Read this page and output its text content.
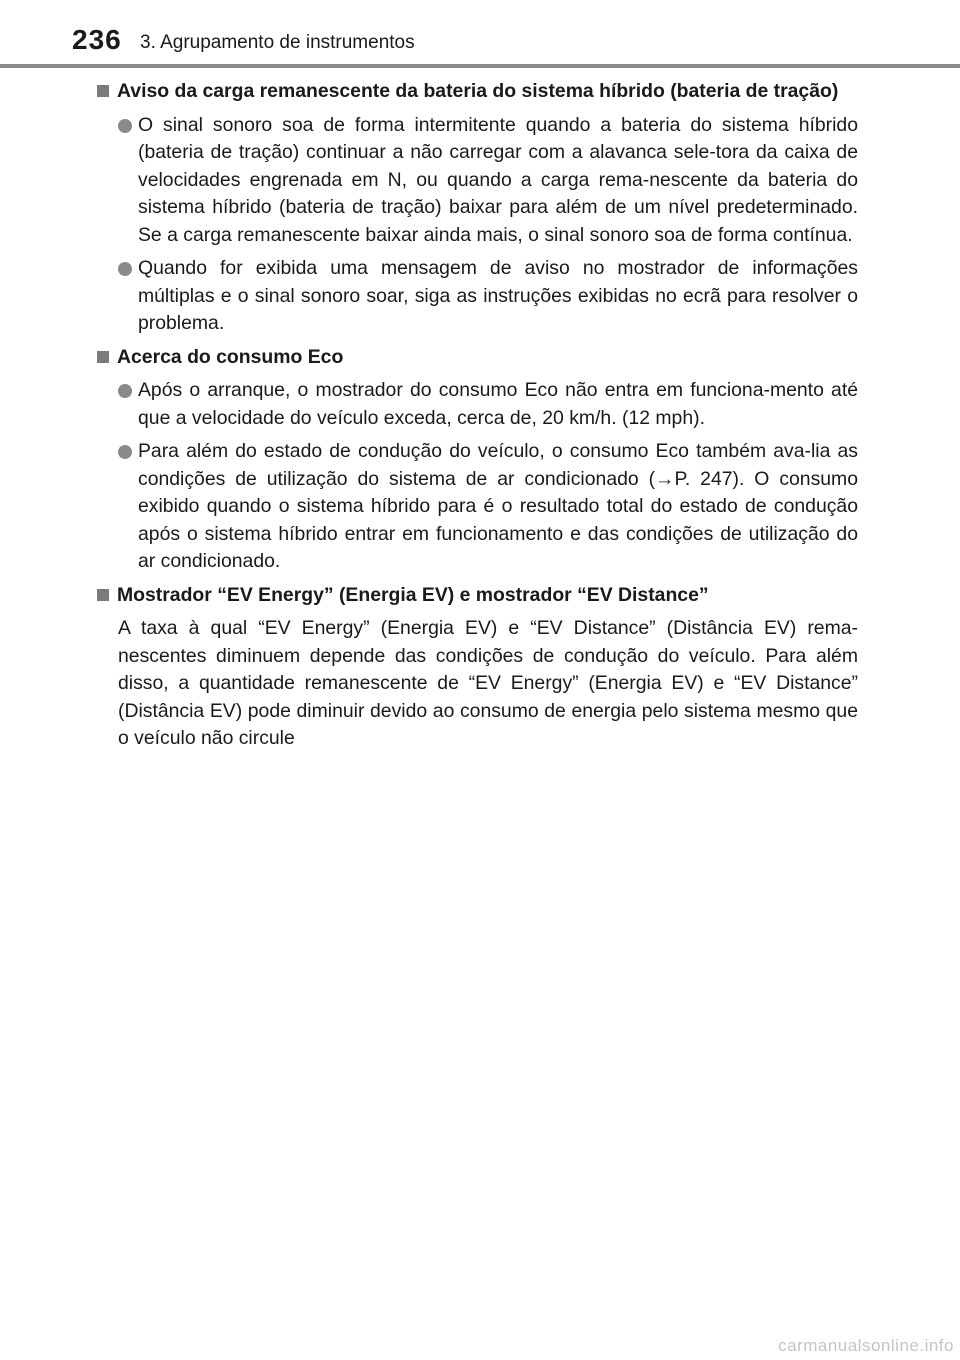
236 3. Agrupamento de instrumentos

Aviso da carga remanescente da bateria do sistema híbrido (bateria de tração)

O sinal sonoro soa de forma intermitente quando a bateria do sistema híbrido (bateria de tração) continuar a não carregar com a alavanca sele-tora da caixa de velocidades engrenada em N, ou quando a carga rema-nescente da bateria do sistema híbrido (bateria de tração) baixar para além de um nível predeterminado. Se a carga remanescente baixar ainda mais, o sinal sonoro soa de forma contínua.

Quando for exibida uma mensagem de aviso no mostrador de informações múltiplas e o sinal sonoro soar, siga as instruções exibidas no ecrã para resolver o problema.

Acerca do consumo Eco

Após o arranque, o mostrador do consumo Eco não entra em funciona-mento até que a velocidade do veículo exceda, cerca de, 20 km/h. (12 mph).

Para além do estado de condução do veículo, o consumo Eco também ava-lia as condições de utilização do sistema de ar condicionado (→P. 247). O consumo exibido quando o sistema híbrido para é o resultado total do estado de condução após o sistema híbrido entrar em funcionamento e das condições de utilização do ar condicionado.

Mostrador “EV Energy” (Energia EV) e mostrador “EV Distance”

A taxa à qual “EV Energy” (Energia EV) e “EV Distance” (Distância EV) rema-nescentes diminuem depende das condições de condução do veículo. Para além disso, a quantidade remanescente de “EV Energy” (Energia EV) e “EV Distance” (Distância EV) pode diminuir devido ao consumo de energia pelo sistema mesmo que o veículo não circule

carmanualsonline.info
